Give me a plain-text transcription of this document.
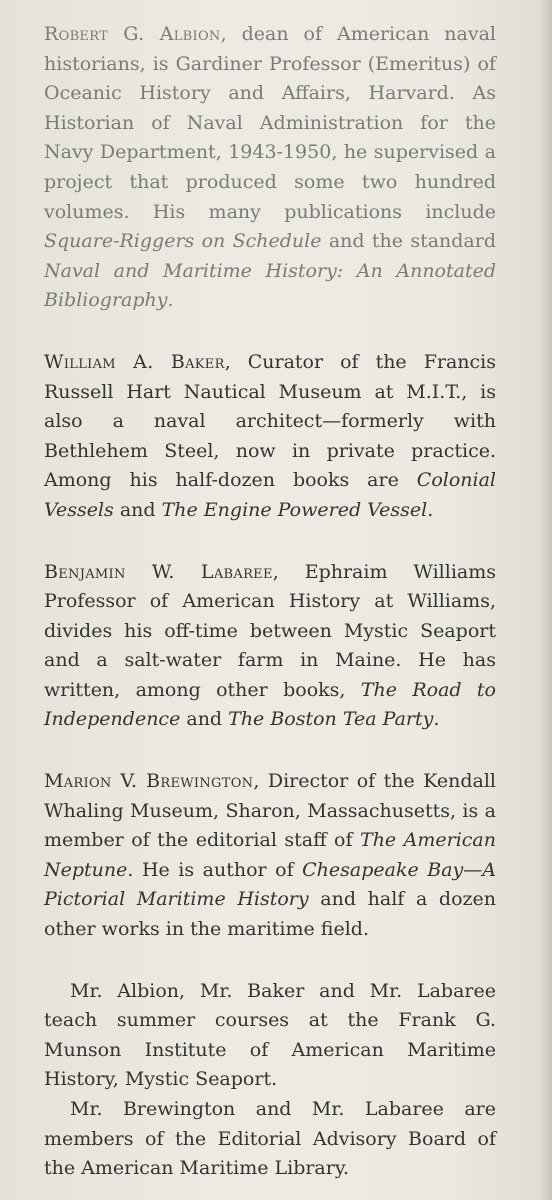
Robert G. Albion, dean of American naval historians, is Gardiner Professor (Emeritus) of Oceanic History and Affairs, Harvard. As Historian of Naval Administration for the Navy Department, 1943-1950, he supervised a project that produced some two hundred volumes. His many publications include Square-Riggers on Schedule and the standard Naval and Maritime History: An Annotated Bibliography.

William A. Baker, Curator of the Francis Russell Hart Nautical Museum at M.I.T., is also a naval architect—formerly with Bethlehem Steel, now in private practice. Among his half-dozen books are Colonial Vessels and The Engine Powered Vessel.

Benjamin W. Labaree, Ephraim Williams Professor of American History at Williams, divides his off-time between Mystic Seaport and a salt-water farm in Maine. He has written, among other books, The Road to Independence and The Boston Tea Party.

Marion V. Brewington, Director of the Kendall Whaling Museum, Sharon, Massachusetts, is a member of the editorial staff of The American Neptune. He is author of Chesapeake Bay—A Pictorial Maritime History and half a dozen other works in the maritime field.

Mr. Albion, Mr. Baker and Mr. Labaree teach summer courses at the Frank G. Munson Institute of American Maritime History, Mystic Seaport.

Mr. Brewington and Mr. Labaree are members of the Editorial Advisory Board of the American Maritime Library.
